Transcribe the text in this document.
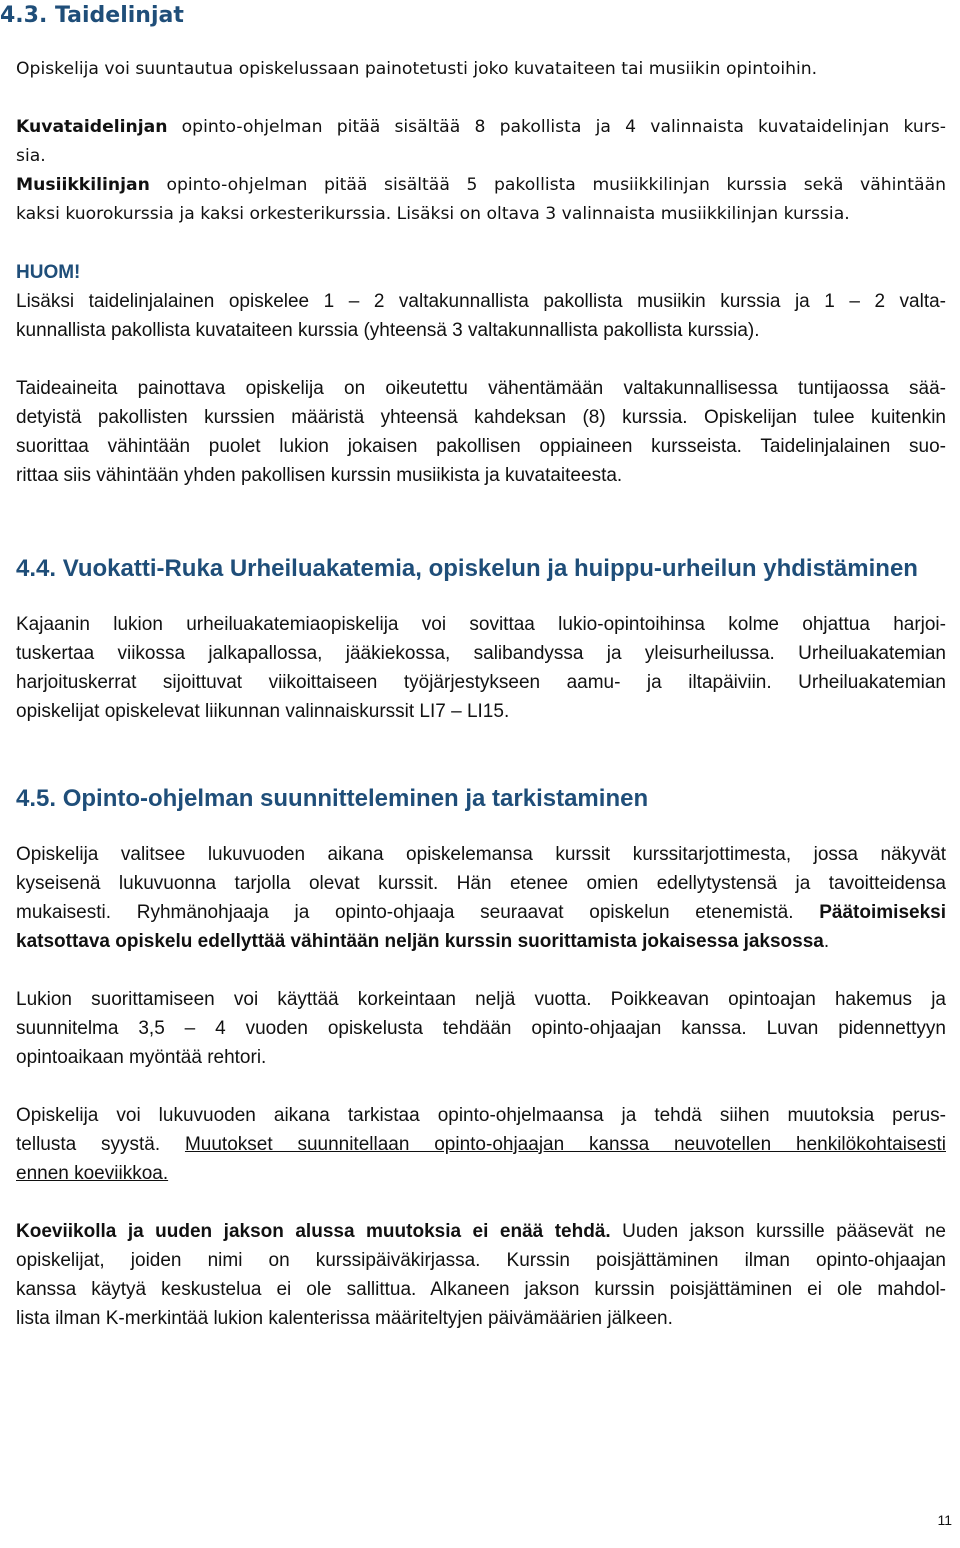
4.3. Taidelinjat
Opiskelija voi suuntautua opiskelussaan painotetusti joko kuvataiteen tai musiikin opintoihin.
Kuvataidelinjan opinto-ohjelman pitää sisältää 8 pakollista ja 4 valinnaista kuvataidelinjan kurs-
sia.
Musiikkilinjan opinto-ohjelman pitää sisältää 5 pakollista musiikkilinjan kurssia sekä vähintään
kaksi kuorokurssia ja kaksi orkesterikurssia. Lisäksi on oltava 3 valinnaista musiikkilinjan kurssia.
HUOM!
Lisäksi taidelinjalainen opiskelee 1 – 2 valtakunnallista pakollista musiikin kurssia ja 1 – 2 valta-
kunnallista pakollista kuvataiteen kurssia (yhteensä 3 valtakunnallista pakollista kurssia).
Taideaineita painottava opiskelija on oikeutettu vähentämään valtakunnallisessa tuntijaossa sää-
detyistä pakollisten kurssien määristä yhteensä kahdeksan (8) kurssia. Opiskelijan tulee kuitenkin
suorittaa vähintään puolet lukion jokaisen pakollisen oppiaineen kursseista. Taidelinjalainen suo-
rittaa siis vähintään yhden pakollisen kurssin musiikista ja kuvataiteesta.
4.4. Vuokatti-Ruka Urheiluakatemia, opiskelun ja huippu-urheilun yhdistäminen
Kajaanin lukion urheiluakatemiaopiskelija voi sovittaa lukio-opintoihinsa kolme ohjattua harjoi-
tuskertaa viikossa jalkapallossa, jääkiekossa, salibandyssa ja yleisurheilussa. Urheiluakatemian
harjoituskerrat sijoittuvat viikoittaiseen työjärjestykseen aamu- ja iltapäiviin. Urheiluakatemian
opiskelijat opiskelevat liikunnan valinnaiskurssit LI7 – LI15.
4.5. Opinto-ohjelman suunnitteleminen ja tarkistaminen
Opiskelija valitsee lukuvuoden aikana opiskelemansa kurssit kurssitarjottimesta, jossa näkyvät
kyseisenä lukuvuonna tarjolla olevat kurssit. Hän etenee omien edellytystensä ja tavoitteidensa
mukaisesti. Ryhmänohjaaja ja opinto-ohjaaja seuraavat opiskelun etenemistä. Päätoimiseksi
katsottava opiskelu edellyttää vähintään neljän kurssin suorittamista jokaisessa jaksossa.
Lukion suorittamiseen voi käyttää korkeintaan neljä vuotta. Poikkeavan opintoajan hakemus ja
suunnitelma 3,5 – 4 vuoden opiskelusta tehdään opinto-ohjaajan kanssa. Luvan pidennettyyn
opintoaikaan myöntää rehtori.
Opiskelija voi lukuvuoden aikana tarkistaa opinto-ohjelmaansa ja tehdä siihen muutoksia perus-
tellusta syystä. Muutokset suunnitellaan opinto-ohjaajan kanssa neuvotellen henkilökohtaisesti
ennen koeviikkoa.
Koeviikolla ja uuden jakson alussa muutoksia ei enää tehdä. Uuden jakson kurssille pääsevät ne
opiskelijat, joiden nimi on kurssipäiväkirjassa. Kurssin poisjättäminen ilman opinto-ohjaajan
kanssa käytyä keskustelua ei ole sallittua. Alkaneen jakson kurssin poisjättäminen ei ole mahdol-
lista ilman K-merkintää lukion kalenterissa määriteltyjen päivämäärien jälkeen.
11
